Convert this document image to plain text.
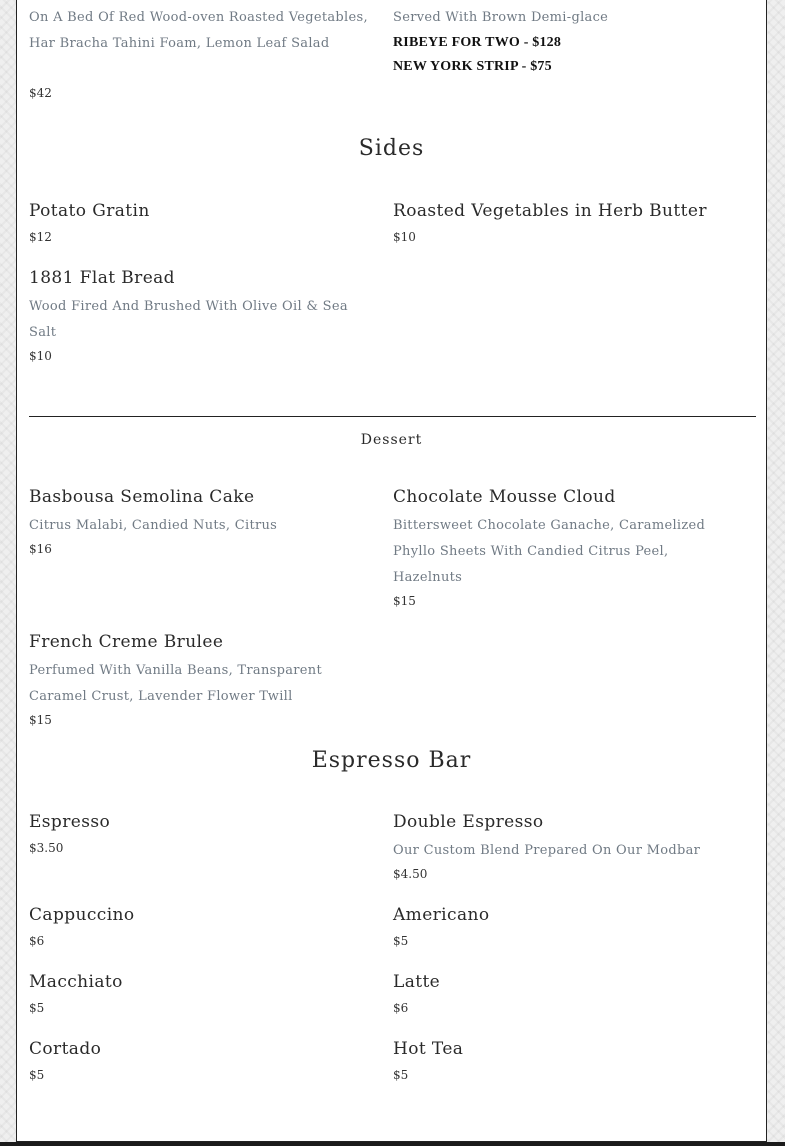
On A Bed Of Red Wood-oven Roasted Vegetables, Har Bracha Tahini Foam, Lemon Leaf Salad
$42
Served With Brown Demi-glace
RIBEYE FOR TWO - $128
NEW YORK STRIP - $75
Sides
Potato Gratin
$12
Roasted Vegetables in Herb Butter
$10
1881 Flat Bread
Wood Fired And Brushed With Olive Oil & Sea Salt
$10
Dessert
Basbousa Semolina Cake
Citrus Malabi, Candied Nuts, Citrus
$16
Chocolate Mousse Cloud
Bittersweet Chocolate Ganache, Caramelized Phyllo Sheets With Candied Citrus Peel, Hazelnuts
$15
French Creme Brulee
Perfumed With Vanilla Beans, Transparent Caramel Crust, Lavender Flower Twill
$15
Espresso Bar
Espresso
$3.50
Double Espresso
Our Custom Blend Prepared On Our Modbar
$4.50
Cappuccino
$6
Americano
$5
Macchiato
$5
Latte
$6
Cortado
$5
Hot Tea
$5
